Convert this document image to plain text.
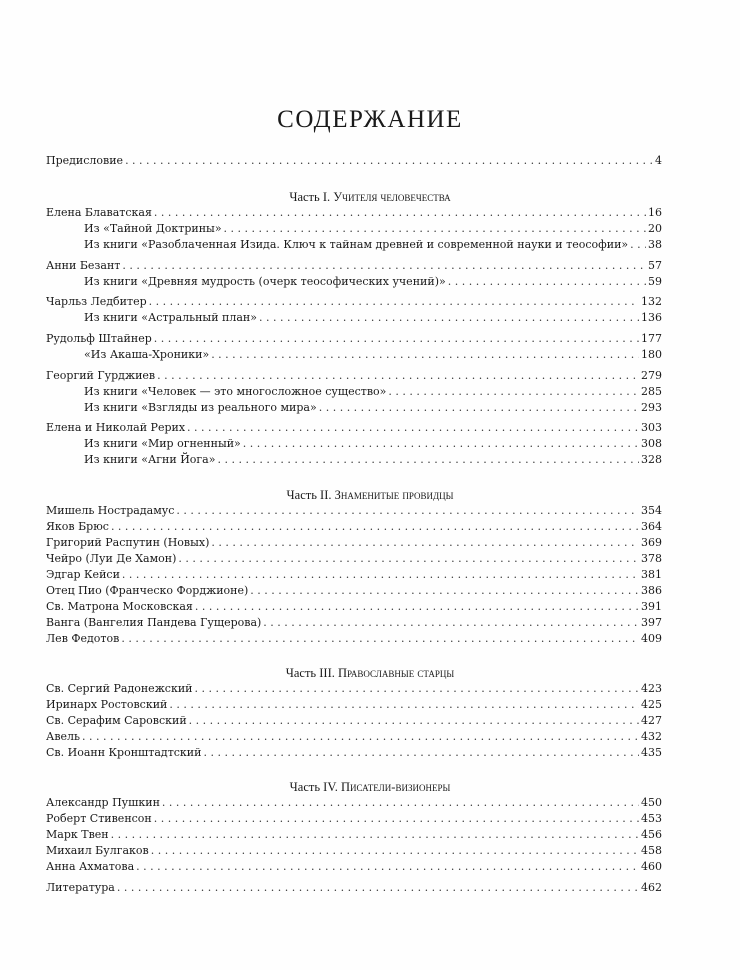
СОДЕРЖАНИЕ
Предисловие . . .	4
Часть I. Учителя человечества
Елена Блаватская . . .	16
Из «Тайной Доктрины» . . .	20
Из книги «Разоблаченная Изида. Ключ к тайнам древней и современной науки и теософии» . . . 38
Анни Безант . . .	57
Из книги «Древняя мудрость (очерк теософических учений)» . . .	59
Чарльз Ледбитер . . .	132
Из книги «Астральный план» . . .	136
Рудольф Штайнер . . .	177
«Из Акаша-Хроники» . . .	180
Георгий Гурджиев . . .	279
Из книги «Человек — это многосложное существо» . . .	285
Из книги «Взгляды из реального мира» . . .	293
Елена и Николай Рерих . . .	303
Из книги «Мир огненный» . . .	308
Из книги «Агни Йога» . . .	328
Часть II. Знаменитые провидцы
Мишель Нострадамус . . .	354
Яков Брюс . . .	364
Григорий Распутин (Новых) . . .	369
Чейро (Луи Де Хамон) . . .	378
Эдгар Кейси . . .	381
Отец Пио (Франческо Форджионе) . . .	386
Св. Матрона Московская . . .	391
Ванга (Вангелия Пандева Гущерова) . . .	397
Лев Федотов . . .	409
Часть III. Православные старцы
Св. Сергий Радонежский . . .	423
Иринарх Ростовский . . .	425
Св. Серафим Саровский . . .	427
Авель . . .	432
Св. Иоанн Кронштадтский . . .	435
Часть IV. Писатели-визионеры
Александр Пушкин . . .	450
Роберт Стивенсон . . .	453
Марк Твен . . .	456
Михаил Булгаков . . .	458
Анна Ахматова . . .	460
Литература . . .	462
